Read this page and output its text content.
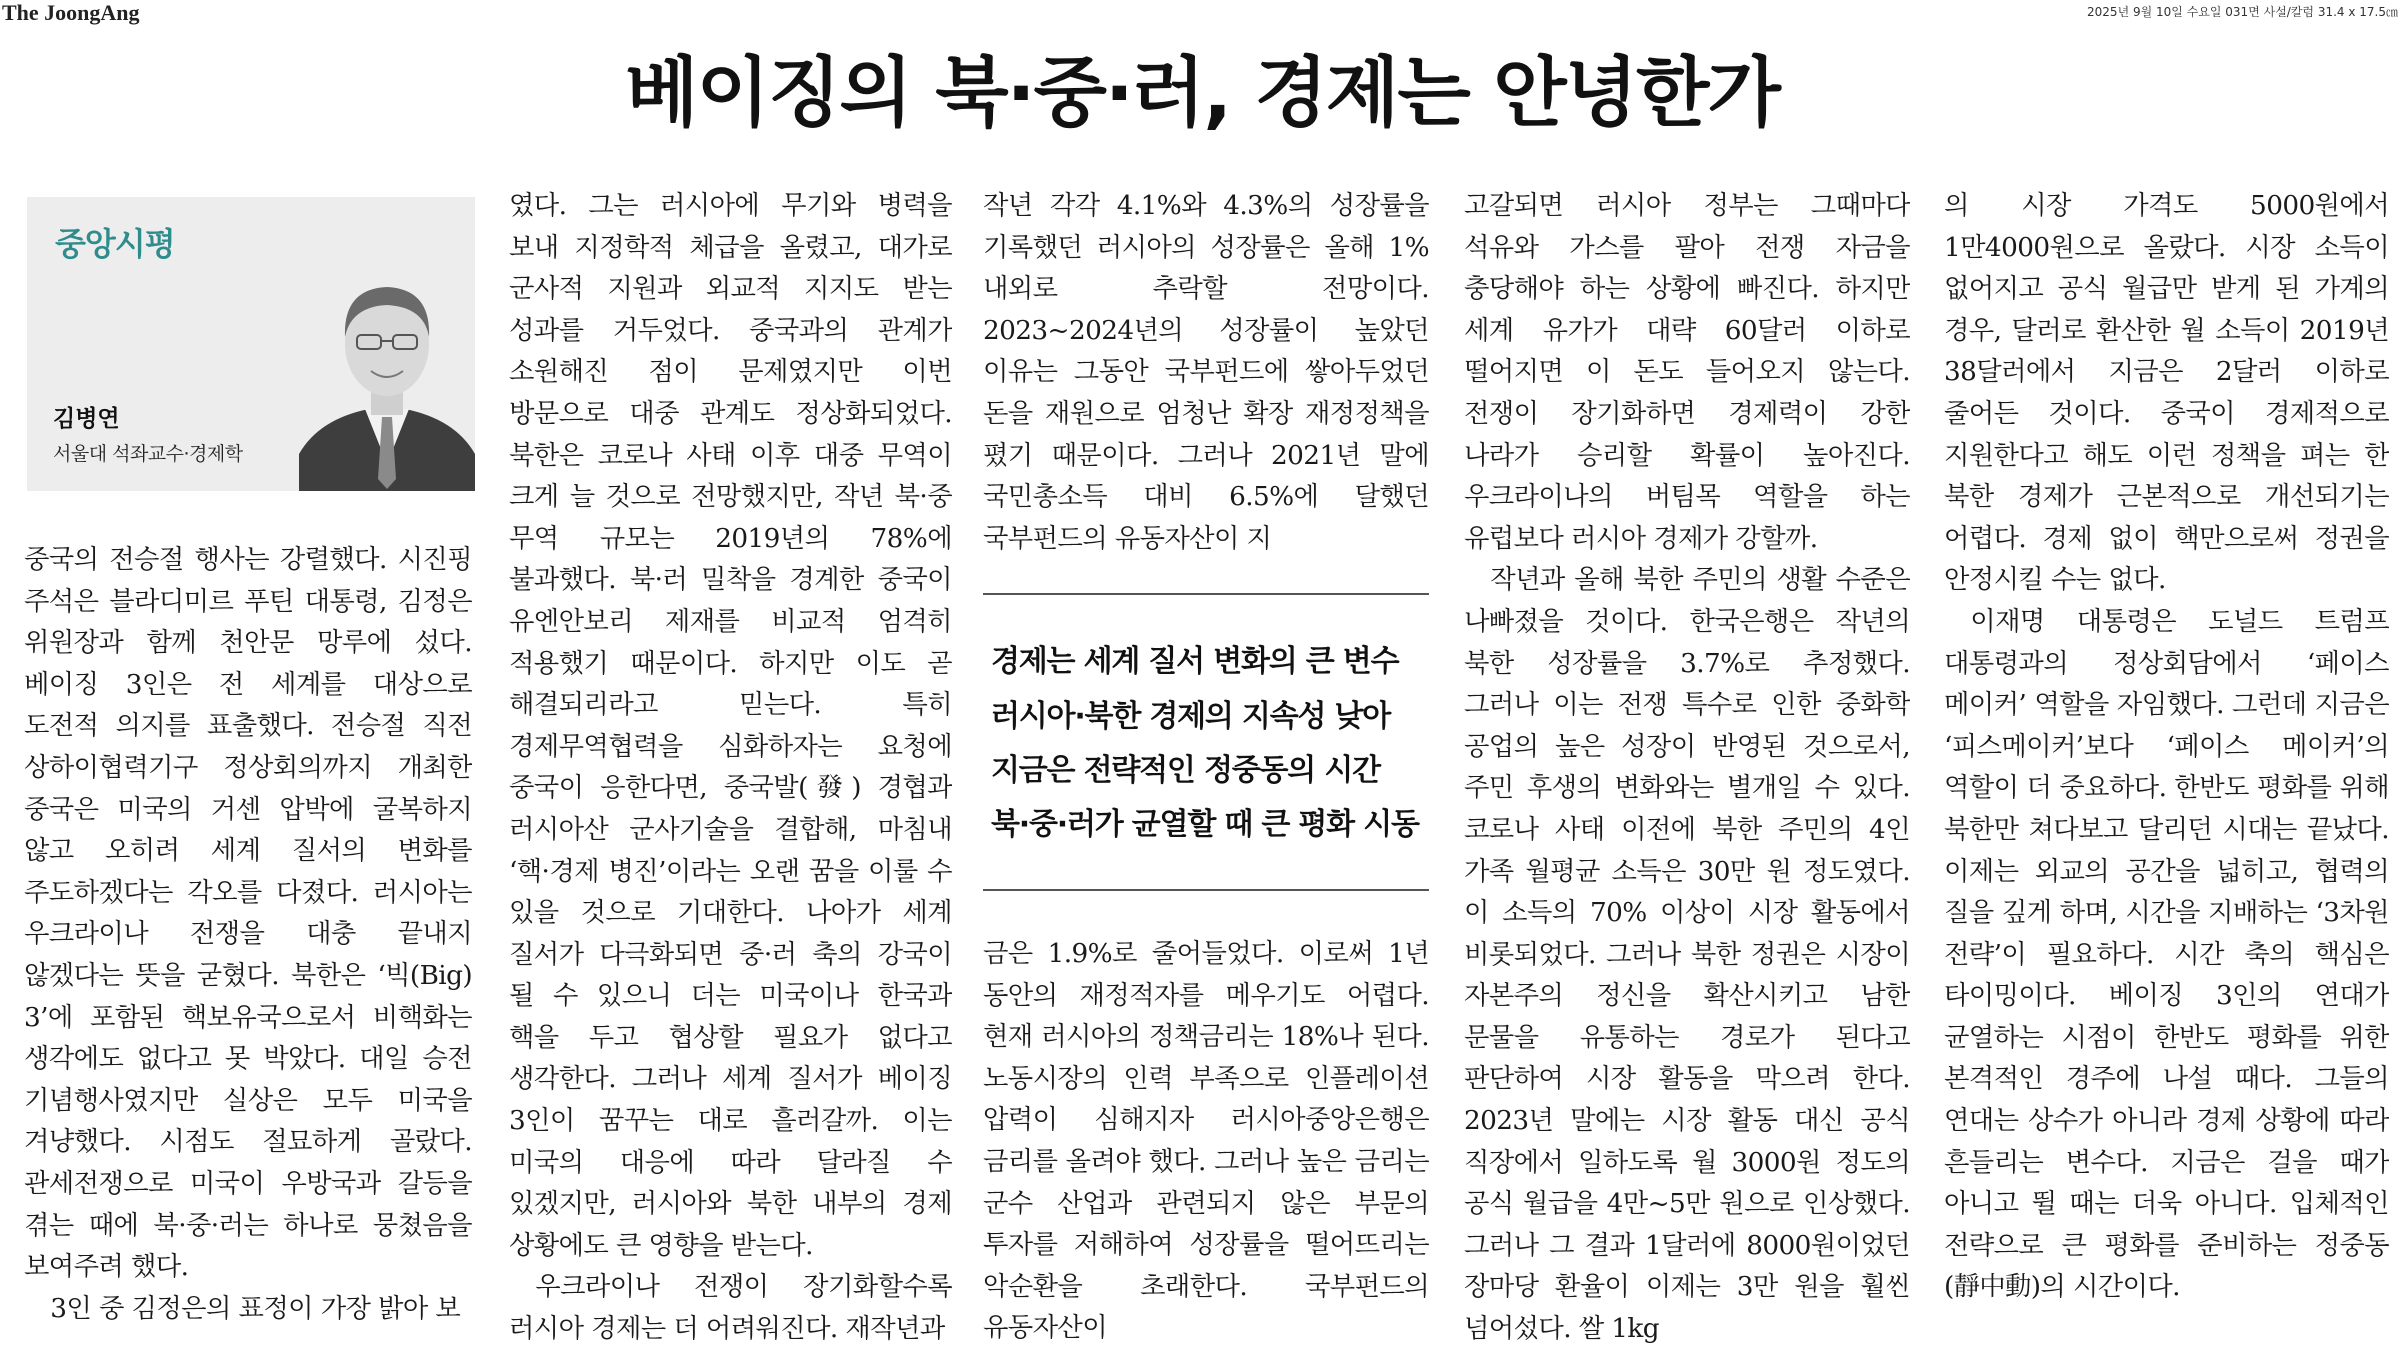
The JoongAng	2025년 9월 10일 수요일 031면 사설/칼럼 31.4 x 17.5㎝
베이징의 북·중·러, 경제는 안녕한가
중앙시평
김병연
서울대 석좌교수·경제학

중국의 전승절 행사는 강렬했다. 시진핑 주석은 블라디미르 푸틴 대통령, 김정은 위원장과 함께 천안문 망루에 섰다. 베이징 3인은 전 세계를 대상으로 도전적 의지를 표출했다. 전승절 직전 상하이협력기구 정상회의까지 개최한 중국은 미국의 거센 압박에 굴복하지 않고 오히려 세계 질서의 변화를 주도하겠다는 각오를 다졌다. 러시아는 우크라이나 전쟁을 대충 끝내지 않겠다는 뜻을 굳혔다. 북한은 ‘빅(Big) 3’에 포함된 핵보유국으로서 비핵화는 생각에도 없다고 못 박았다. 대일 승전 기념행사였지만 실상은 모두 미국을 겨냥했다. 시점도 절묘하게 골랐다. 관세전쟁으로 미국이 우방국과 갈등을 겪는 때에 북·중·러는 하나로 뭉쳤음을 보여주려 했다.

3인 중 김정은의 표정이 가장 밝아 보

였다. 그는 러시아에 무기와 병력을 보내 지정학적 체급을 올렸고, 대가로 군사적 지원과 외교적 지지도 받는 성과를 거두었다. 중국과의 관계가 소원해진 점이 문제였지만 이번 방문으로 대중 관계도 정상화되었다. 북한은 코로나 사태 이후 대중 무역이 크게 늘 것으로 전망했지만, 작년 북·중 무역 규모는 2019년의 78%에 불과했다. 북·러 밀착을 경계한 중국이 유엔안보리 제재를 비교적 엄격히 적용했기 때문이다. 하지만 이도 곧 해결되리라고 믿는다. 특히 경제무역협력을 심화하자는 요청에 중국이 응한다면, 중국발(發) 경협과 러시아산 군사기술을 결합해, 마침내 ‘핵·경제 병진’이라는 오랜 꿈을 이룰 수 있을 것으로 기대한다. 나아가 세계 질서가 다극화되면 중·러 축의 강국이 될 수 있으니 더는 미국이나 한국과 핵을 두고 협상할 필요가 없다고 생각한다. 그러나 세계 질서가 베이징 3인이 꿈꾸는 대로 흘러갈까. 이는 미국의 대응에 따라 달라질 수 있겠지만, 러시아와 북한 내부의 경제 상황에도 큰 영향을 받는다.

우크라이나 전쟁이 장기화할수록 러시아 경제는 더 어려워진다. 재작년과

작년 각각 4.1%와 4.3%의 성장률을 기록했던 러시아의 성장률은 올해 1% 내외로 추락할 전망이다. 2023~2024년의 성장률이 높았던 이유는 그동안 국부펀드에 쌓아두었던 돈을 재원으로 엄청난 확장 재정정책을 폈기 때문이다. 그러나 2021년 말에 국민총소득 대비 6.5%에 달했던 국부펀드의 유동자산이 지

경제는 세계 질서 변화의 큰 변수
러시아·북한 경제의 지속성 낮아
지금은 전략적인 정중동의 시간
북·중·러가 균열할 때 큰 평화 시동

금은 1.9%로 줄어들었다. 이로써 1년 동안의 재정적자를 메우기도 어렵다. 현재 러시아의 정책금리는 18%나 된다. 노동시장의 인력 부족으로 인플레이션 압력이 심해지자 러시아중앙은행은 금리를 올려야 했다. 그러나 높은 금리는 군수 산업과 관련되지 않은 부문의 투자를 저해하여 성장률을 떨어뜨리는 악순환을 초래한다. 국부펀드의 유동자산이

고갈되면 러시아 정부는 그때마다 석유와 가스를 팔아 전쟁 자금을 충당해야 하는 상황에 빠진다. 하지만 세계 유가가 대략 60달러 이하로 떨어지면 이 돈도 들어오지 않는다. 전쟁이 장기화하면 경제력이 강한 나라가 승리할 확률이 높아진다. 우크라이나의 버팀목 역할을 하는 유럽보다 러시아 경제가 강할까.

작년과 올해 북한 주민의 생활 수준은 나빠졌을 것이다. 한국은행은 작년의 북한 성장률을 3.7%로 추정했다. 그러나 이는 전쟁 특수로 인한 중화학 공업의 높은 성장이 반영된 것으로서, 주민 후생의 변화와는 별개일 수 있다. 코로나 사태 이전에 북한 주민의 4인 가족 월평균 소득은 30만 원 정도였다. 이 소득의 70% 이상이 시장 활동에서 비롯되었다. 그러나 북한 정권은 시장이 자본주의 정신을 확산시키고 남한 문물을 유통하는 경로가 된다고 판단하여 시장 활동을 막으려 한다. 2023년 말에는 시장 활동 대신 공식 직장에서 일하도록 월 3000원 정도의 공식 월급을 4만~5만 원으로 인상했다. 그러나 그 결과 1달러에 8000원이었던 장마당 환율이 이제는 3만 원을 훨씬 넘어섰다. 쌀 1kg

의 시장 가격도 5000원에서 1만4000원으로 올랐다. 시장 소득이 없어지고 공식 월급만 받게 된 가계의 경우, 달러로 환산한 월 소득이 2019년 38달러에서 지금은 2달러 이하로 줄어든 것이다. 중국이 경제적으로 지원한다고 해도 이런 정책을 펴는 한 북한 경제가 근본적으로 개선되기는 어렵다. 경제 없이 핵만으로써 정권을 안정시킬 수는 없다.

이재명 대통령은 도널드 트럼프 대통령과의 정상회담에서 ‘페이스 메이커’ 역할을 자임했다. 그런데 지금은 ‘피스메이커’보다 ‘페이스 메이커’의 역할이 더 중요하다. 한반도 평화를 위해 북한만 쳐다보고 달리던 시대는 끝났다. 이제는 외교의 공간을 넓히고, 협력의 질을 깊게 하며, 시간을 지배하는 ‘3차원 전략’이 필요하다. 시간 축의 핵심은 타이밍이다. 베이징 3인의 연대가 균열하는 시점이 한반도 평화를 위한 본격적인 경주에 나설 때다. 그들의 연대는 상수가 아니라 경제 상황에 따라 흔들리는 변수다. 지금은 걸을 때가 아니고 뛸 때는 더욱 아니다. 입체적인 전략으로 큰 평화를 준비하는 정중동(靜中動)의 시간이다.
